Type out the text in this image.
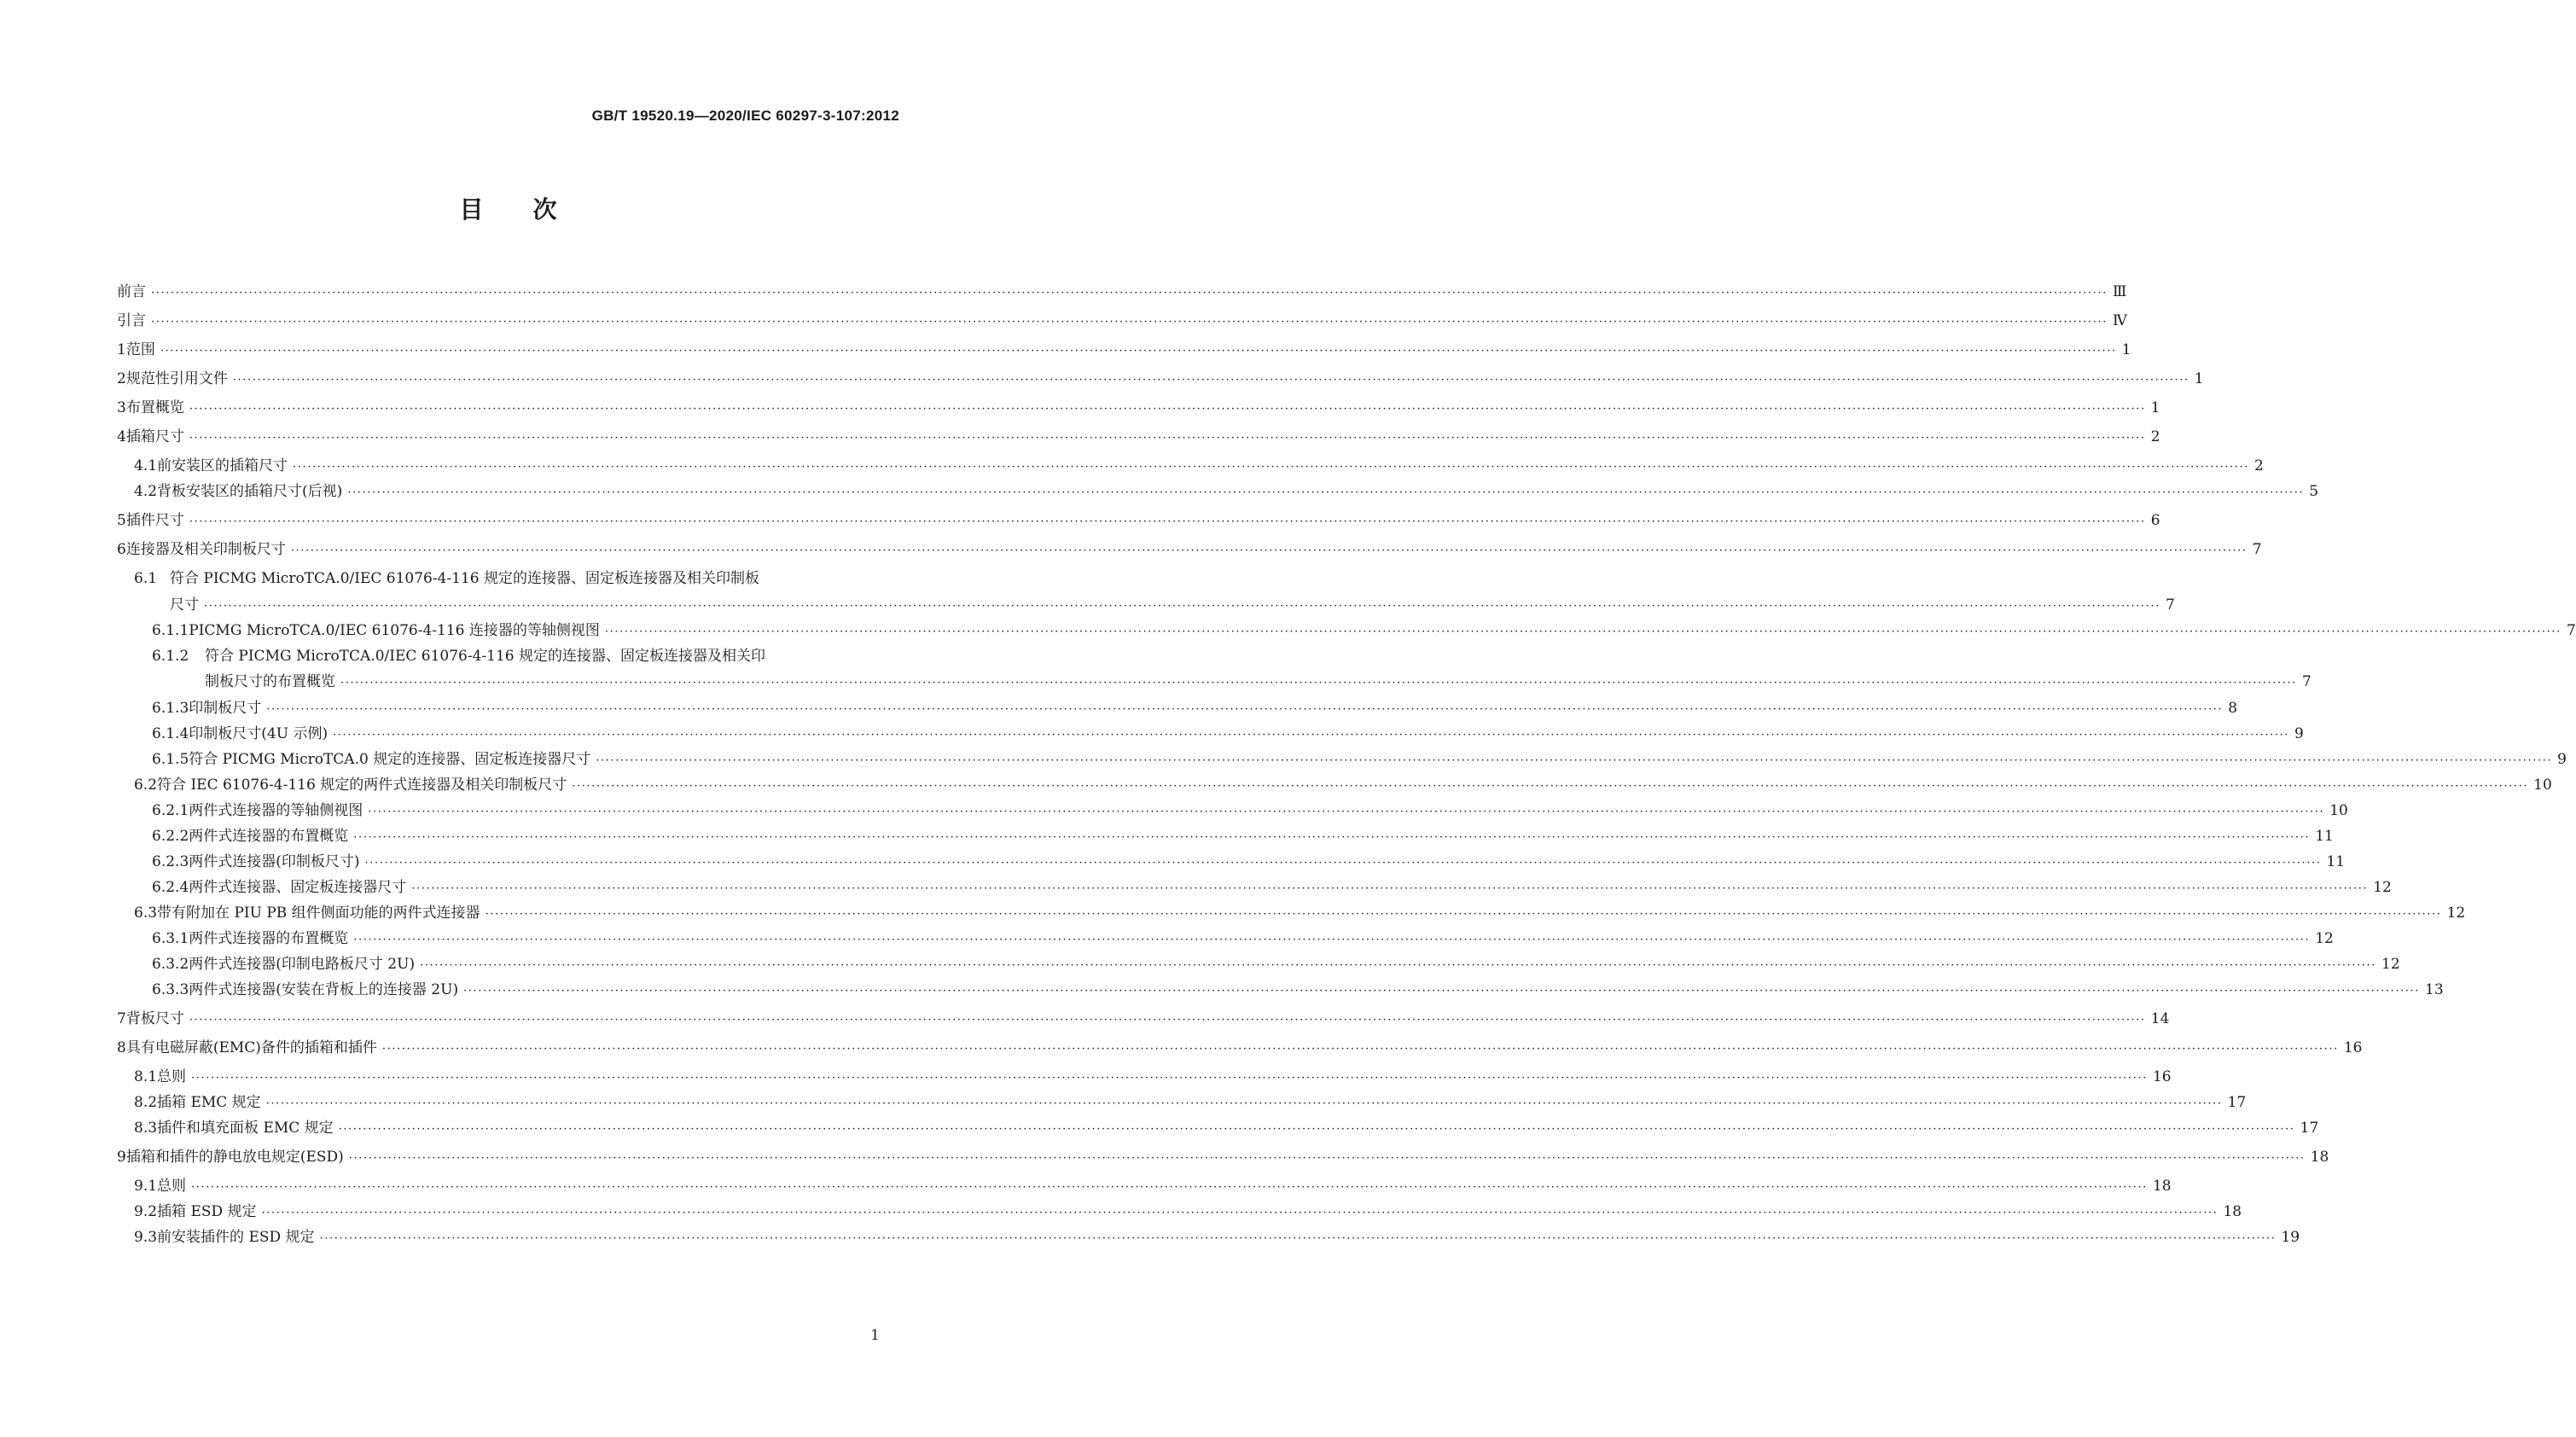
GB/T 19520.19—2020/IEC 60297-3-107:2012
目 次
前言 ················································································································································································································································································································································································································ Ⅲ
引言 ················································································································································································································································································································································································································ Ⅳ
1 范围 ················································································································································································································································································································································································································ 1
2 规范性引用文件 ················································································································································································································································································································································································································ 1
3 布置概览 ················································································································································································································································································································································································································ 1
4 插箱尺寸 ················································································································································································································································································································································································································ 2
4.1 前安装区的插箱尺寸 ················································································································································································································································································································································································································ 2
4.2 背板安装区的插箱尺寸(后视) ················································································································································································································································································································································································································ 5
5 插件尺寸 ················································································································································································································································································································································································································ 6
6 连接器及相关印制板尺寸 ················································································································································································································································································································································································································ 7
6.1 符合 PICMG MicroTCA.0/IEC 61076-4-116 规定的连接器、固定板连接器及相关印制板
尺寸 ················································································································································································································································································································································································································ 7
6.1.1 PICMG MicroTCA.0/IEC 61076-4-116 连接器的等轴侧视图 ················································································································································································································································································································································································································ 7
6.1.2	符合 PICMG MicroTCA.0/IEC 61076-4-116 规定的连接器、固定板连接器及相关印
制板尺寸的布置概览 ················································································································································································································································································································································································································ 7
6.1.3 印制板尺寸 ················································································································································································································································································································································································································ 8
6.1.4 印制板尺寸(4U 示例) ················································································································································································································································································································································································································ 9
6.1.5 符合 PICMG MicroTCA.0 规定的连接器、固定板连接器尺寸 ················································································································································································································································································································································································································ 9
6.2 符合 IEC 61076-4-116 规定的两件式连接器及相关印制板尺寸 ················································································································································································································································································································································································································ 10
6.2.1 两件式连接器的等轴侧视图 ················································································································································································································································································································································································································ 10
6.2.2 两件式连接器的布置概览 ················································································································································································································································································································································································································ 11
6.2.3 两件式连接器(印制板尺寸) ················································································································································································································································································································································································································ 11
6.2.4 两件式连接器、固定板连接器尺寸 ················································································································································································································································································································································································································ 12
6.3 带有附加在 PIU PB 组件侧面功能的两件式连接器 ················································································································································································································································································································································································································ 12
6.3.1 两件式连接器的布置概览 ················································································································································································································································································································································································································ 12
6.3.2 两件式连接器(印制电路板尺寸 2U) ················································································································································································································································································································································································································ 12
6.3.3 两件式连接器(安装在背板上的连接器 2U) ················································································································································································································································································································································································································ 13
7 背板尺寸 ················································································································································································································································································································································································································ 14
8 具有电磁屏蔽(EMC)备件的插箱和插件 ················································································································································································································································································································································································································ 16
8.1 总则 ················································································································································································································································································································································································································ 16
8.2 插箱 EMC 规定 ················································································································································································································································································································································································································ 17
8.3 插件和填充面板 EMC 规定 ················································································································································································································································································································································································································ 17
9 插箱和插件的静电放电规定(ESD) ················································································································································································································································································································································································································ 18
9.1 总则 ················································································································································································································································································································································································································ 18
9.2 插箱 ESD 规定 ················································································································································································································································································································································································································ 18
9.3 前安装插件的 ESD 规定 ················································································································································································································································································································································································································ 19
1
